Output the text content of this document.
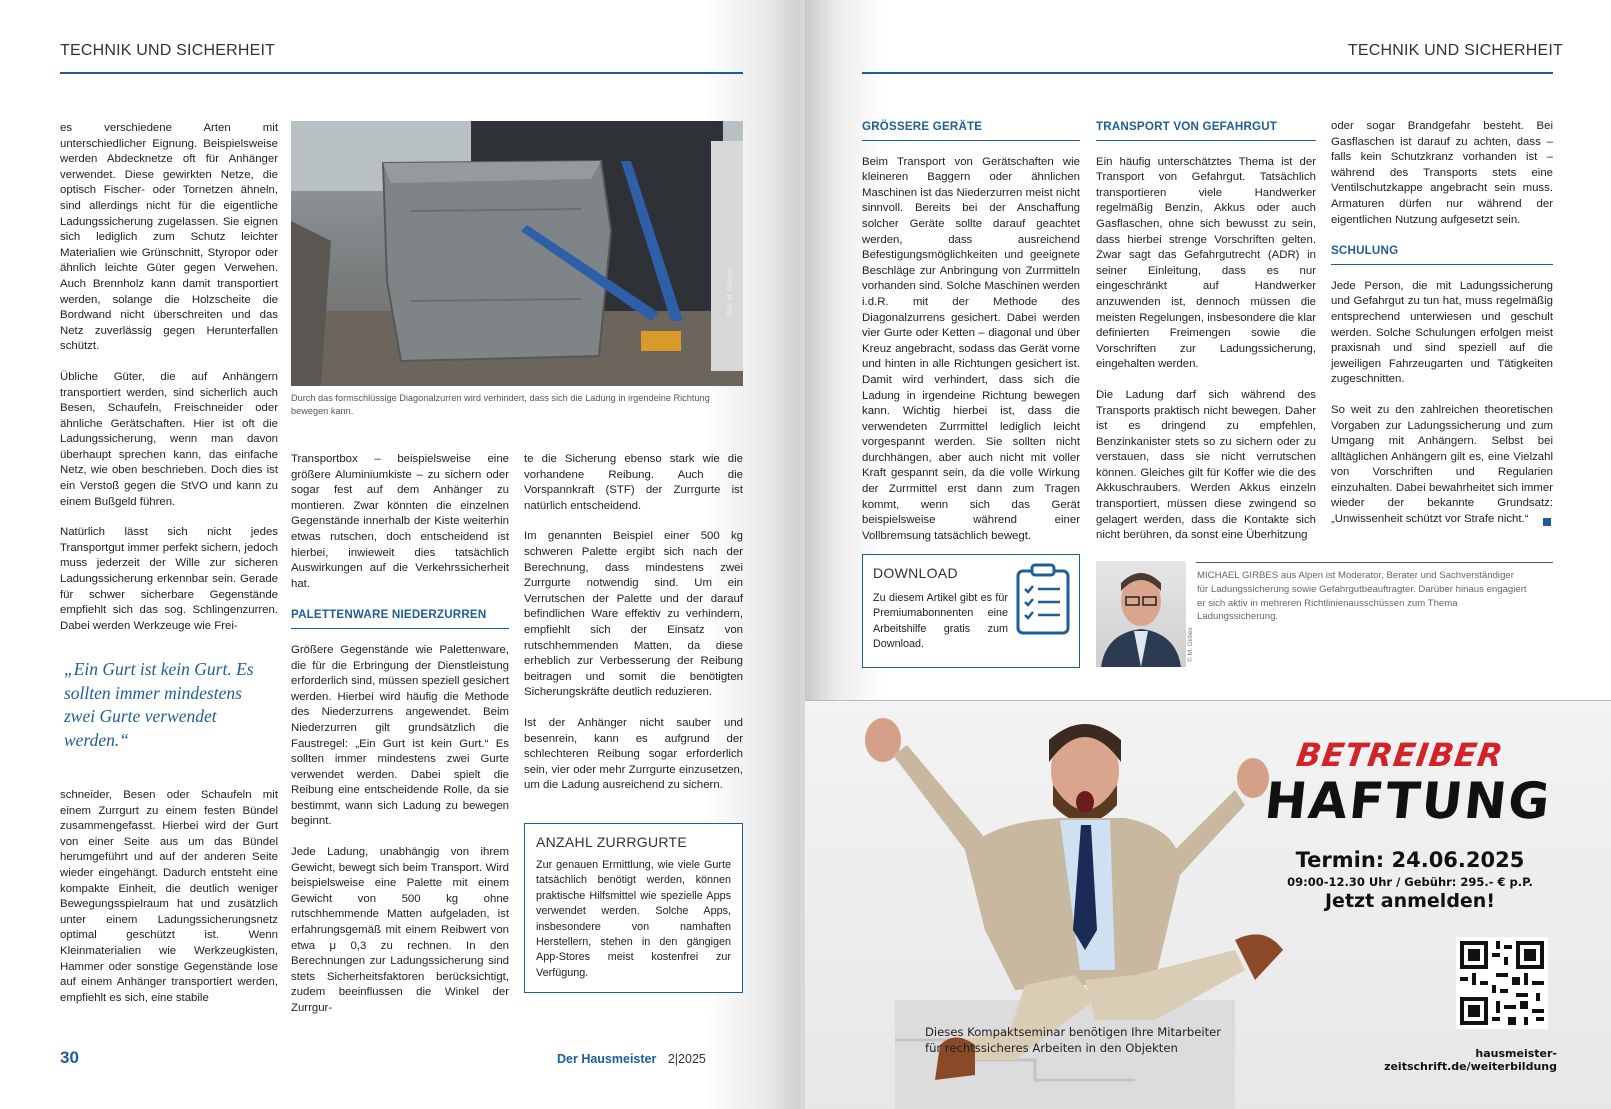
TECHNIK UND SICHERHEIT

es verschiedene Arten mit unterschiedlicher Eignung. Beispielsweise werden Abdecknetze oft für Anhänger verwendet. Diese gewirkten Netze, die optisch Fischer- oder Tornetzen ähneln, sind allerdings nicht für die eigentliche Ladungssicherung zugelassen. Sie eignen sich lediglich zum Schutz leichter Materialien wie Grünschnitt, Styropor oder ähnlich leichte Güter gegen Verwehen. Auch Brennholz kann damit transportiert werden, solange die Holzscheite die Bordwand nicht überschreiten und das Netz zuverlässig gegen Herunterfallen schützt.

Übliche Güter, die auf Anhängern transportiert werden, sind sicherlich auch Besen, Schaufeln, Freischneider oder ähnliche Gerätschaften. Hier ist oft die Ladungssicherung, wenn man davon überhaupt sprechen kann, das einfache Netz, wie oben beschrieben. Doch dies ist ein Verstoß gegen die StVO und kann zu einem Bußgeld führen.

Natürlich lässt sich nicht jedes Transportgut immer perfekt sichern, jedoch muss jederzeit der Wille zur sicheren Ladungssicherung erkennbar sein. Gerade für schwer sicherbare Gegenstände empfiehlt sich das sog. Schlingenzurren. Dabei werden Werkzeuge wie Frei-

„Ein Gurt ist kein Gurt. Es sollten immer mindestens zwei Gurte verwendet werden.“

schneider, Besen oder Schaufeln mit einem Zurrgurt zu einem festen Bündel zusammengefasst. Hierbei wird der Gurt von einer Seite aus um das Bündel herumgeführt und auf der anderen Seite wieder eingehängt. Dadurch entsteht eine kompakte Einheit, die deutlich weniger Bewegungsspielraum hat und zusätzlich unter einem Ladungssicherungsnetz optimal geschützt ist. Wenn Kleinmaterialien wie Werkzeugkisten, Hammer oder sonstige Gegenstände lose auf einem Anhänger transportiert werden, empfiehlt es sich, eine stabile

Bild: M. Girbes
Durch das formschlüssige Diagonalzurren wird verhindert, dass sich die Ladung in irgendeine Richtung bewegen kann.

Transportbox – beispielsweise eine größere Aluminiumkiste – zu sichern oder sogar fest auf dem Anhänger zu montieren. Zwar könnten die einzelnen Gegenstände innerhalb der Kiste weiterhin etwas rutschen, doch entscheidend ist hierbei, inwieweit dies tatsächlich Auswirkungen auf die Verkehrssicherheit hat.

PALETTENWARE NIEDERZURREN

Größere Gegenstände wie Palettenware, die für die Erbringung der Dienstleistung erforderlich sind, müssen speziell gesichert werden. Hierbei wird häufig die Methode des Niederzurrens angewendet. Beim Niederzurren gilt grundsätzlich die Faustregel: „Ein Gurt ist kein Gurt.“ Es sollten immer mindestens zwei Gurte verwendet werden. Dabei spielt die Reibung eine entscheidende Rolle, da sie bestimmt, wann sich Ladung zu bewegen beginnt.

Jede Ladung, unabhängig von ihrem Gewicht, bewegt sich beim Transport. Wird beispielsweise eine Palette mit einem Gewicht von 500 kg ohne rutschhemmende Matten aufgeladen, ist erfahrungsgemäß mit einem Reibwert von etwa μ 0,3 zu rechnen. In den Berechnungen zur Ladungssicherung sind stets Sicherheitsfaktoren berücksichtigt, zudem beeinflussen die Winkel der Zurrgur-

te die Sicherung ebenso stark wie die vorhandene Reibung. Auch die Vorspannkraft (STF) der Zurrgurte ist natürlich entscheidend.

Im genannten Beispiel einer 500 kg schweren Palette ergibt sich nach der Berechnung, dass mindestens zwei Zurrgurte notwendig sind. Um ein Verrutschen der Palette und der darauf befindlichen Ware effektiv zu verhindern, empfiehlt sich der Einsatz von rutschhemmenden Matten, da diese erheblich zur Verbesserung der Reibung beitragen und somit die benötigten Sicherungskräfte deutlich reduzieren.

Ist der Anhänger nicht sauber und besenrein, kann es aufgrund der schlechteren Reibung sogar erforderlich sein, vier oder mehr Zurrgurte einzusetzen, um die Ladung ausreichend zu sichern.

ANZAHL ZURRGURTE
Zur genauen Ermittlung, wie viele Gurte tatsächlich benötigt werden, können praktische Hilfsmittel wie spezielle Apps verwendet werden. Solche Apps, insbesondere von namhaften Herstellern, stehen in den gängigen App-Stores meist kostenfrei zur Verfügung.
30	Der Hausmeister 2|2025
TECHNIK UND SICHERHEIT
GRÖSSERE GERÄTE

Beim Transport von Gerätschaften wie kleineren Baggern oder ähnlichen Maschinen ist das Niederzurren meist nicht sinnvoll. Bereits bei der Anschaffung solcher Geräte sollte darauf geachtet werden, dass ausreichend Befestigungsmöglichkeiten und geeignete Beschläge zur Anbringung von Zurrmitteln vorhanden sind. Solche Maschinen werden i.d.R. mit der Methode des Diagonalzurrens gesichert. Dabei werden vier Gurte oder Ketten – diagonal und über Kreuz angebracht, sodass das Gerät vorne und hinten in alle Richtungen gesichert ist. Damit wird verhindert, dass sich die Ladung in irgendeine Richtung bewegen kann. Wichtig hierbei ist, dass die verwendeten Zurrmittel lediglich leicht vorgespannt werden. Sie sollten nicht durchhängen, aber auch nicht mit voller Kraft gespannt sein, da die volle Wirkung der Zurrmittel erst dann zum Tragen kommt, wenn sich das Gerät beispielsweise während einer Vollbremsung tatsächlich bewegt.

TRANSPORT VON GEFAHRGUT

Ein häufig unterschätztes Thema ist der Transport von Gefahrgut. Tatsächlich transportieren viele Handwerker regelmäßig Benzin, Akkus oder auch Gasflaschen, ohne sich bewusst zu sein, dass hierbei strenge Vorschriften gelten. Zwar sagt das Gefahrgutrecht (ADR) in seiner Einleitung, dass es nur eingeschränkt auf Handwerker anzuwenden ist, dennoch müssen die meisten Regelungen, insbesondere die klar definierten Freimengen sowie die Vorschriften zur Ladungssicherung, eingehalten werden.

Die Ladung darf sich während des Transports praktisch nicht bewegen. Daher ist es dringend zu empfehlen, Benzinkanister stets so zu sichern oder zu verstauen, dass sie nicht verrutschen können. Gleiches gilt für Koffer wie die des Akkuschraubers. Werden Akkus einzeln transportiert, müssen diese zwingend so gelagert werden, dass die Kontakte sich nicht berühren, da sonst eine Überhitzung

oder sogar Brandgefahr besteht. Bei Gasflaschen ist darauf zu achten, dass – falls kein Schutzkranz vorhanden ist – während des Transports stets eine Ventilschutzkappe angebracht sein muss. Armaturen dürfen nur während der eigentlichen Nutzung aufgesetzt sein.

SCHULUNG

Jede Person, die mit Ladungssicherung und Gefahrgut zu tun hat, muss regelmäßig entsprechend unterwiesen und geschult werden. Solche Schulungen erfolgen meist praxisnah und sind speziell auf die jeweiligen Fahrzeugarten und Tätigkeiten zugeschnitten.

So weit zu den zahlreichen theoretischen Vorgaben zur Ladungssicherung und zum Umgang mit Anhängern. Selbst bei alltäglichen Anhängern gilt es, eine Vielzahl von Vorschriften und Regularien einzuhalten. Dabei bewahrheitet sich immer wieder der bekannte Grundsatz: „Unwissenheit schützt vor Strafe nicht.“

DOWNLOAD
Zu diesem Artikel gibt es für Premiumabonnenten eine Arbeitshilfe gratis zum Download.	© M. Girbes
MICHAEL GIRBES aus Alpen ist Moderator, Berater und Sachverständiger für Ladungssicherung sowie Gefahrgutbeauftragter. Darüber hinaus engagiert er sich aktiv in mehreren Richtlinienausschüssen zum Thema Ladungssicherung.
BETREIBER
HAFTUNG
Termin: 24.06.2025
09:00-12.30 Uhr / Gebühr: 295.- € p.P.
Jetzt anmelden!
Dieses Kompaktseminar benötigen Ihre Mitarbeiter für rechtssicheres Arbeiten in den Objekten	hausmeister-zeitschrift.de/weiterbildung
